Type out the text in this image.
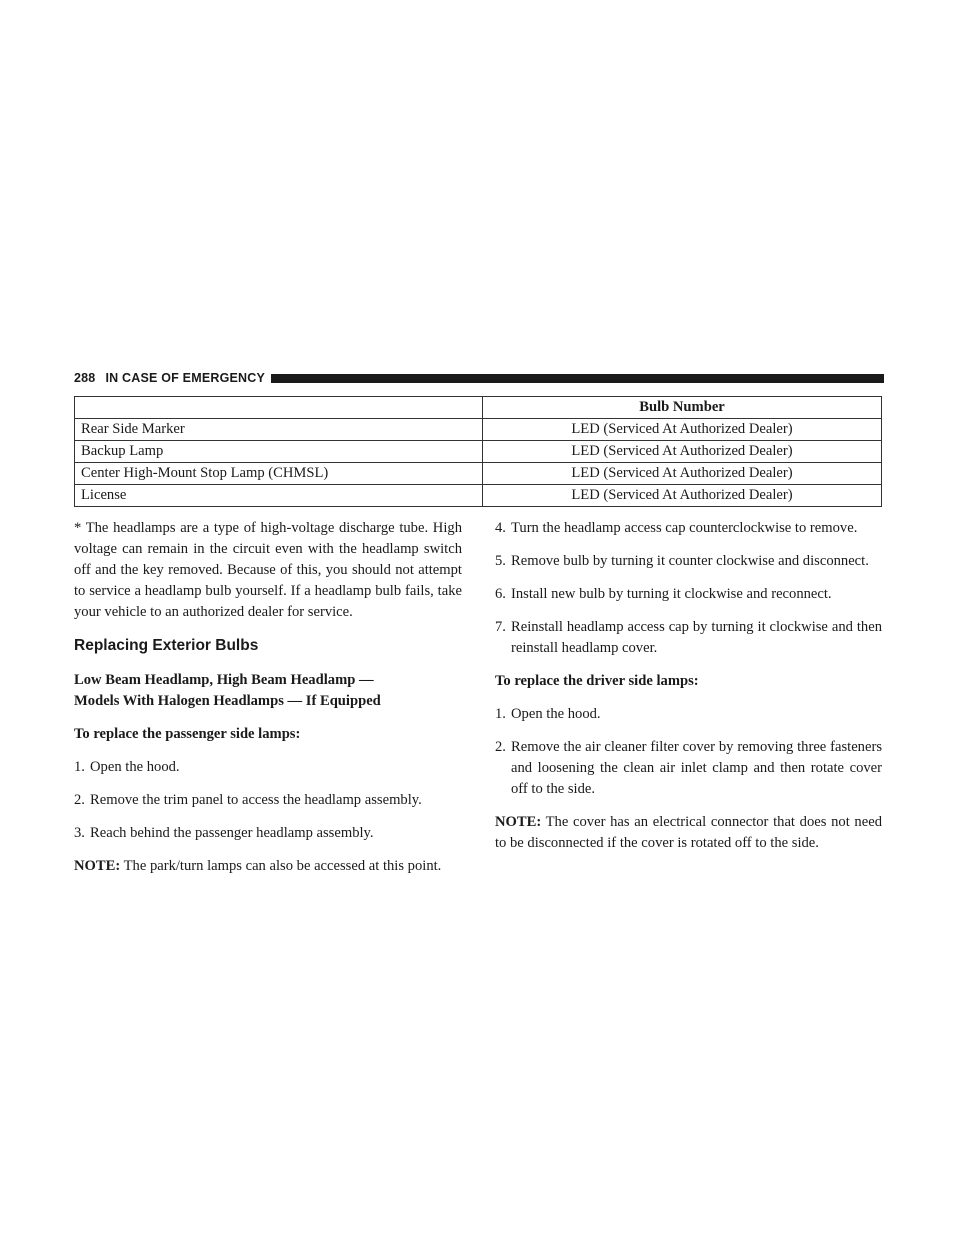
288 IN CASE OF EMERGENCY
	Bulb Number
Rear Side Marker	LED (Serviced At Authorized Dealer)
Backup Lamp	LED (Serviced At Authorized Dealer)
Center High-Mount Stop Lamp (CHMSL)	LED (Serviced At Authorized Dealer)
License	LED (Serviced At Authorized Dealer)

* The headlamps are a type of high-voltage discharge tube. High voltage can remain in the circuit even with the headlamp switch off and the key removed. Because of this, you should not attempt to service a headlamp bulb yourself. If a headlamp bulb fails, take your vehicle to an authorized dealer for service.

Replacing Exterior Bulbs
Low Beam Headlamp, High Beam Headlamp —
Models With Halogen Headlamps — If Equipped

To replace the passenger side lamps:

1. Open the hood.
2. Remove the trim panel to access the headlamp assembly.
3. Reach behind the passenger headlamp assembly.

NOTE: The park/turn lamps can also be accessed at this point.

4. Turn the headlamp access cap counterclockwise to remove.
5. Remove bulb by turning it counter clockwise and disconnect.
6. Install new bulb by turning it clockwise and reconnect.
7. Reinstall headlamp access cap by turning it clockwise and then reinstall headlamp cover.

To replace the driver side lamps:

1. Open the hood.
2. Remove the air cleaner filter cover by removing three fasteners and loosening the clean air inlet clamp and then rotate cover off to the side.

NOTE: The cover has an electrical connector that does not need to be disconnected if the cover is rotated off to the side.
